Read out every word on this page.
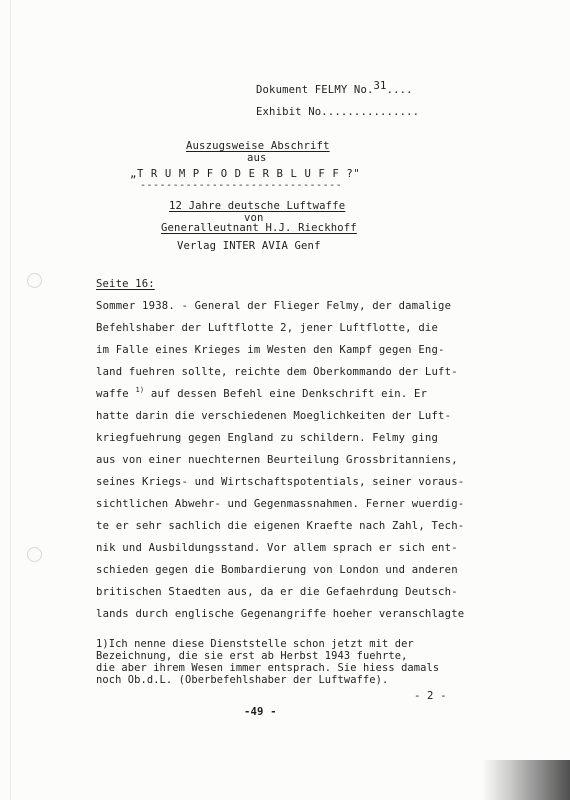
Dokument FELMY No.31....
Exhibit No...............
Auszugsweise Abschrift
aus
„T R U M P F O D E R B L U F F ?"
-------------------------------
12 Jahre deutsche Luftwaffe
von
Generalleutnant H.J. Rieckhoff
Verlag INTER AVIA Genf
Seite 16:
Sommer 1938. - General der Flieger Felmy, der damalige
Befehlshaber der Luftflotte 2, jener Luftflotte, die
im Falle eines Krieges im Westen den Kampf gegen Eng-
land fuehren sollte, reichte dem Oberkommando der Luft-
waffe $^{1)}$ auf dessen Befehl eine Denkschrift ein. Er
hatte darin die verschiedenen Moeglichkeiten der Luft-
kriegfuehrung gegen England zu schildern. Felmy ging
aus von einer nuechternen Beurteilung Grossbritanniens,
seines Kriegs- und Wirtschaftspotentials, seiner voraus-
sichtlichen Abwehr- und Gegenmassnahmen. Ferner wuerdig-
te er sehr sachlich die eigenen Kraefte nach Zahl, Tech-
nik und Ausbildungsstand. Vor allem sprach er sich ent-
schieden gegen die Bombardierung von London und anderen
britischen Staedten aus, da er die Gefaehrdung Deutsch-
lands durch englische Gegenangriffe hoeher veranschlagte
1)Ich nenne diese Dienststelle schon jetzt mit der
Bezeichnung, die sie erst ab Herbst 1943 fuehrte,
die aber ihrem Wesen immer entsprach. Sie hiess damals
noch Ob.d.L. (Oberbefehlshaber der Luftwaffe).
- 2 -
-49 -
